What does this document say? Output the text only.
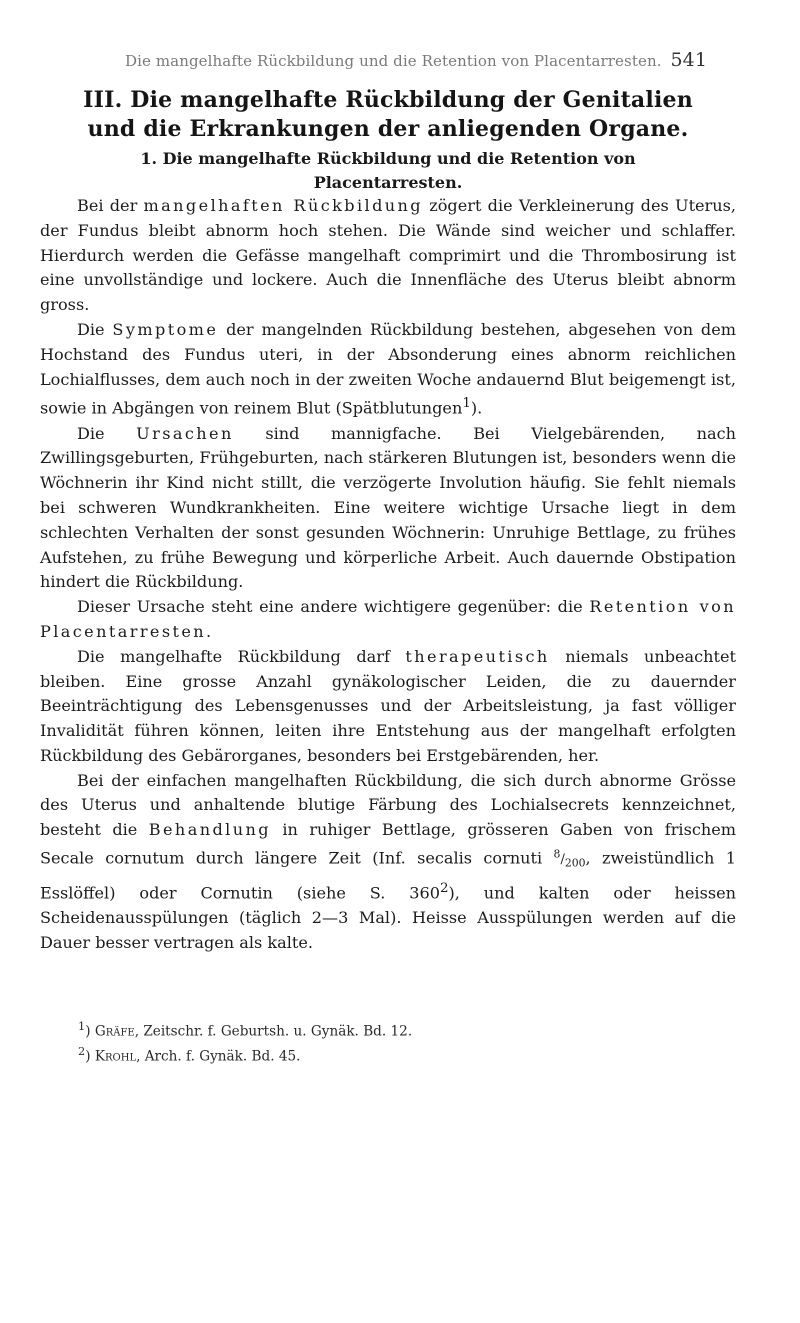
Die mangelhafte Rückbildung und die Retention von Placentarresten. 541
III. Die mangelhafte Rückbildung der Genitalien
und die Erkrankungen der anliegenden Organe.
1. Die mangelhafte Rückbildung und die Retention von
Placentarresten.

Bei der mangelhaften Rückbildung zögert die Verkleinerung des Uterus, der Fundus bleibt abnorm hoch stehen. Die Wände sind weicher und schlaffer. Hierdurch werden die Gefässe mangelhaft comprimirt und die Thrombosirung ist eine unvollständige und lockere. Auch die Innenfläche des Uterus bleibt abnorm gross.

Die Symptome der mangelnden Rückbildung bestehen, abgesehen von dem Hochstand des Fundus uteri, in der Absonderung eines abnorm reichlichen Lochialflusses, dem auch noch in der zweiten Woche andauernd Blut beigemengt ist, sowie in Abgängen von reinem Blut (Spätblutungen$^1$).

Die Ursachen sind mannigfache. Bei Vielgebärenden, nach Zwillingsgeburten, Frühgeburten, nach stärkeren Blutungen ist, besonders wenn die Wöchnerin ihr Kind nicht stillt, die verzögerte Involution häufig. Sie fehlt niemals bei schweren Wundkrankheiten. Eine weitere wichtige Ursache liegt in dem schlechten Verhalten der sonst gesunden Wöchnerin: Unruhige Bettlage, zu frühes Aufstehen, zu frühe Bewegung und körperliche Arbeit. Auch dauernde Obstipation hindert die Rückbildung.

Dieser Ursache steht eine andere wichtigere gegenüber: die Retention von Placentarresten.

Die mangelhafte Rückbildung darf therapeutisch niemals unbeachtet bleiben. Eine grosse Anzahl gynäkologischer Leiden, die zu dauernder Beeinträchtigung des Lebensgenusses und der Arbeitsleistung, ja fast völliger Invalidität führen können, leiten ihre Entstehung aus der mangelhaft erfolgten Rückbildung des Gebärorganes, besonders bei Erstgebärenden, her.

Bei der einfachen mangelhaften Rückbildung, die sich durch abnorme Grösse des Uterus und anhaltende blutige Färbung des Lochialsecrets kennzeichnet, besteht die Behandlung in ruhiger Bettlage, grösseren Gaben von frischem Secale cornutum durch längere Zeit (Inf. secalis cornuti $^8/_{200}$, zweistündlich 1 Esslöffel) oder Cornutin (siehe S. $360^2$), und kalten oder heissen Scheidenausspülungen (täglich 2—3 Mal). Heisse Ausspülungen werden auf die Dauer besser vertragen als kalte.

$^1$) Gräfe, Zeitschr. f. Geburtsh. u. Gynäk. Bd. 12.
$^2$) Krohl, Arch. f. Gynäk. Bd. 45.
